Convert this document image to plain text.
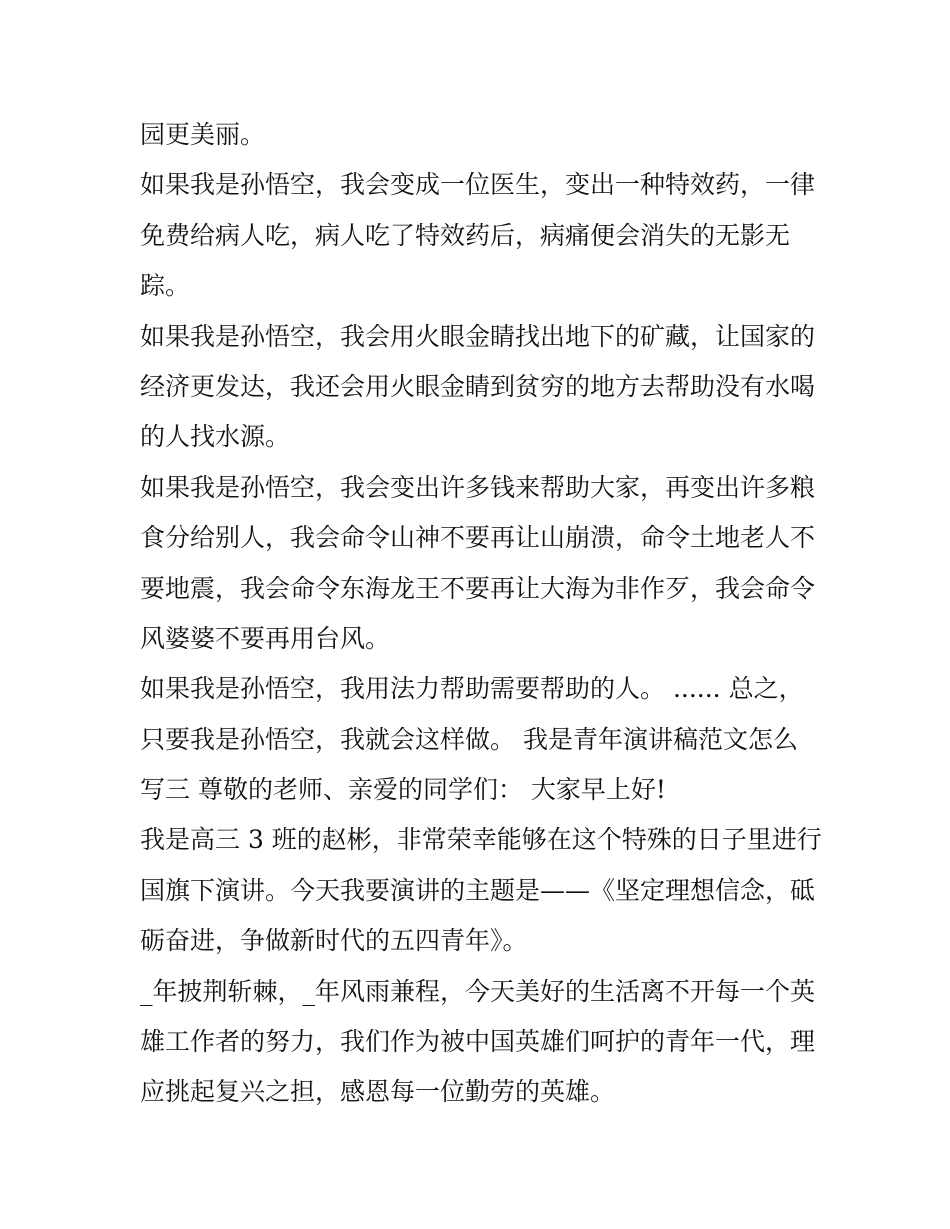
园更美丽。
如果我是孙悟空，我会变成一位医生，变出一种特效药，一律
免费给病人吃，病人吃了特效药后，病痛便会消失的无影无
踪。
如果我是孙悟空，我会用火眼金睛找出地下的矿藏，让国家的
经济更发达，我还会用火眼金睛到贫穷的地方去帮助没有水喝
的人找水源。
如果我是孙悟空，我会变出许多钱来帮助大家，再变出许多粮
食分给别人，我会命令山神不要再让山崩溃，命令土地老人不
要地震，我会命令东海龙王不要再让大海为非作歹，我会命令
风婆婆不要再用台风。
如果我是孙悟空，我用法力帮助需要帮助的人。 ...... 总之，
只要我是孙悟空，我就会这样做。 我是青年演讲稿范文怎么
写三 尊敬的老师、亲爱的同学们： 大家早上好!
我是高三 3 班的赵彬，非常荣幸能够在这个特殊的日子里进行
国旗下演讲。今天我要演讲的主题是——《坚定理想信念，砥
砺奋进，争做新时代的五四青年》。
_年披荆斩棘，_年风雨兼程，今天美好的生活离不开每一个英
雄工作者的努力，我们作为被中国英雄们呵护的青年一代，理
应挑起复兴之担，感恩每一位勤劳的英雄。
